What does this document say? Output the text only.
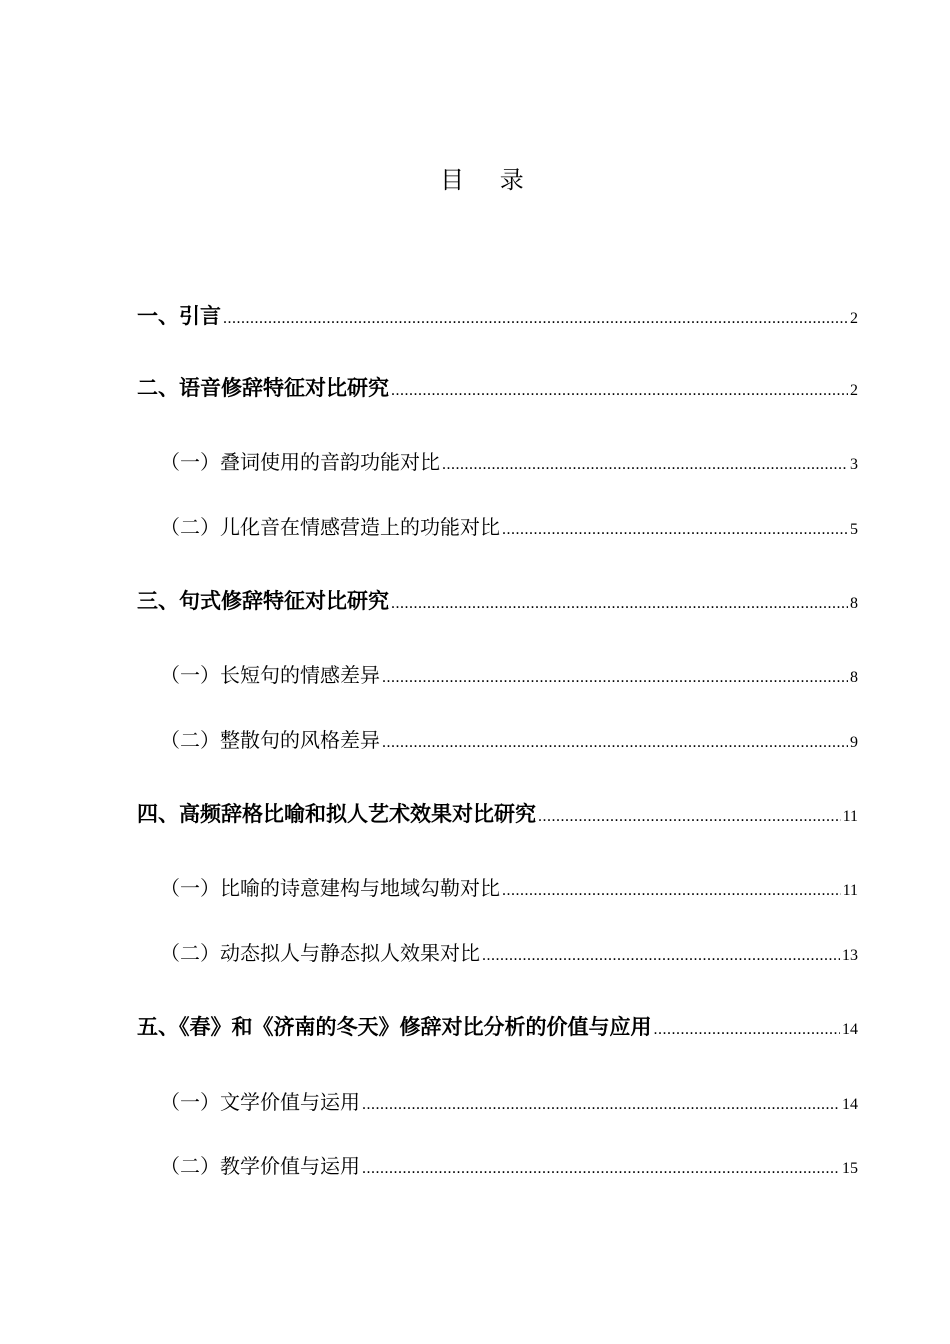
目 录
一、引言 .....	2
二、语音修辞特征对比研究 .....	2
（一）叠词使用的音韵功能对比 .....	3
（二）儿化音在情感营造上的功能对比 .....	5
三、句式修辞特征对比研究 .....	8
（一）长短句的情感差异 .....	8
（二）整散句的风格差异 .....	9
四、高频辞格比喻和拟人艺术效果对比研究 .....	11
（一）比喻的诗意建构与地域勾勒对比 .....	11
（二）动态拟人与静态拟人效果对比 .....	13
五、《春》和《济南的冬天》修辞对比分析的价值与应用 .....	14
（一）文学价值与运用 .....	14
（二）教学价值与运用 .....	15
